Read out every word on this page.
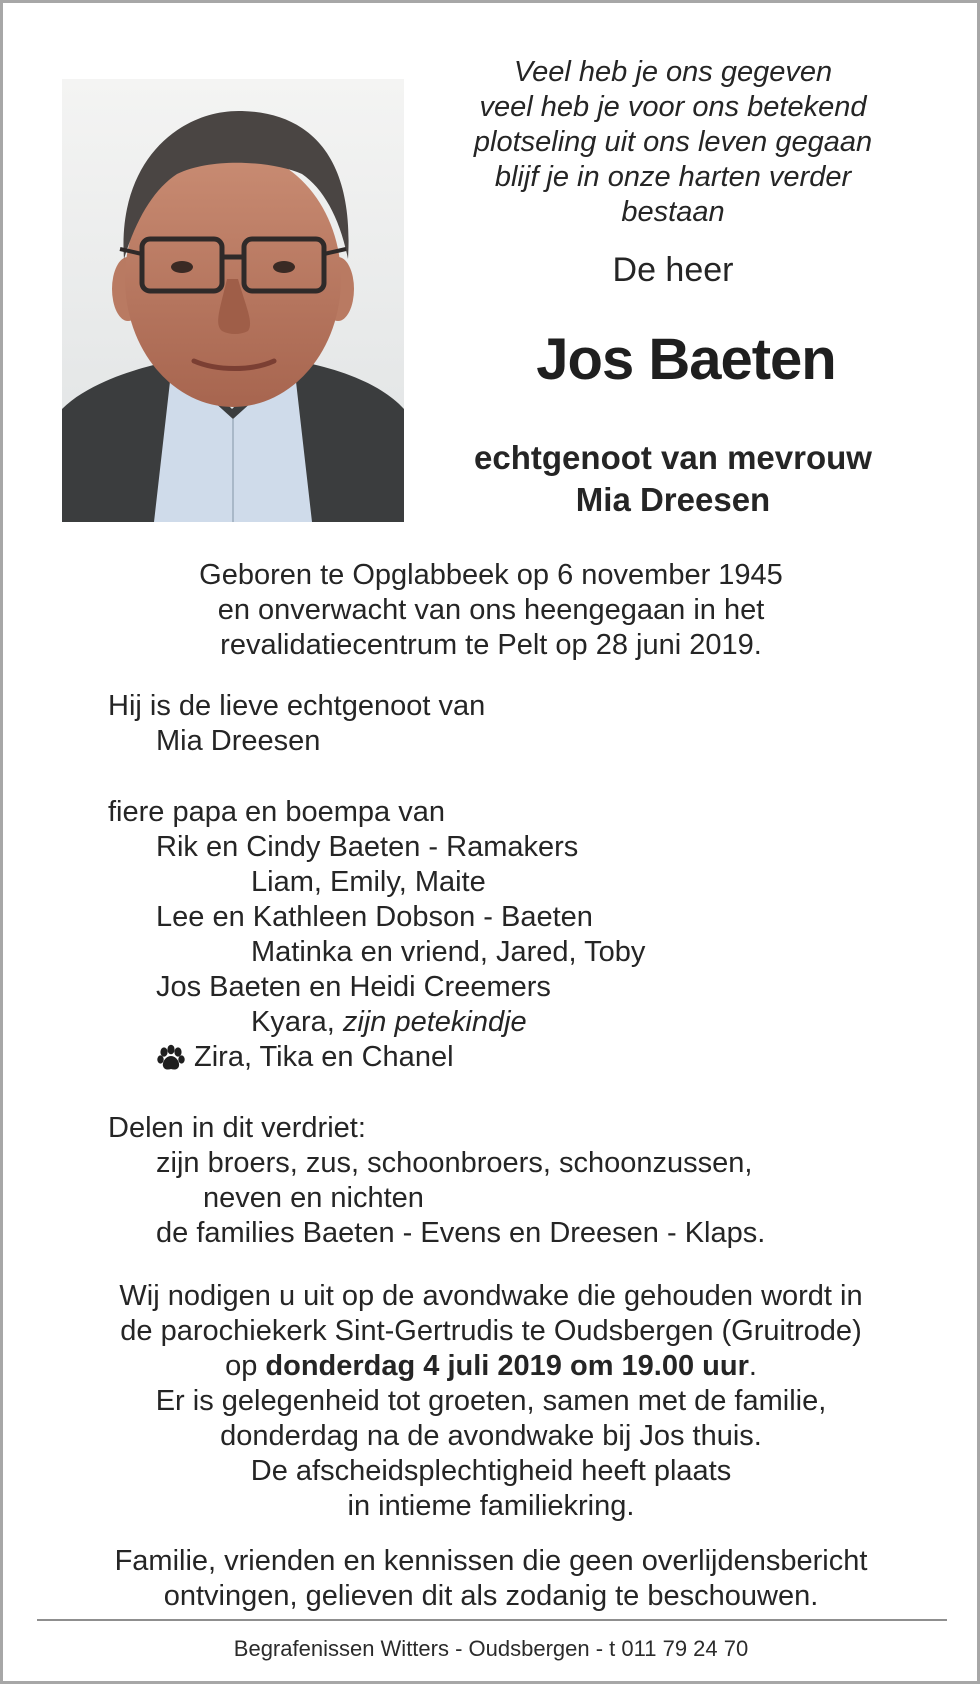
Veel heb je ons gegeven
veel heb je voor ons betekend
plotseling uit ons leven gegaan
blijf je in onze harten verder
bestaan
De heer
Jos Baeten
echtgenoot van mevrouw
Mia Dreesen
Geboren te Opglabbeek op 6 november 1945
en onverwacht van ons heengegaan in het
revalidatiecentrum te Pelt op 28 juni 2019.
Hij is de lieve echtgenoot van
Mia Dreesen
fiere papa en boempa van
Rik en Cindy Baeten - Ramakers
Liam, Emily, Maite
Lee en Kathleen Dobson - Baeten
Matinka en vriend, Jared, Toby
Jos Baeten en Heidi Creemers
Kyara,
zijn petekindje
Zira, Tika en Chanel
Delen in dit verdriet:
zijn broers, zus, schoonbroers, schoonzussen,
neven en nichten
de families Baeten - Evens en Dreesen - Klaps.
Wij nodigen u uit op de avondwake die gehouden wordt in
de parochiekerk Sint-Gertrudis te Oudsbergen (Gruitrode)
op donderdag 4 juli 2019 om 19.00 uur.
Er is gelegenheid tot groeten, samen met de familie,
donderdag na de avondwake bij Jos thuis.
De afscheidsplechtigheid heeft plaats
in intieme familiekring.
Familie, vrienden en kennissen die geen overlijdensbericht
ontvingen, gelieven dit als zodanig te beschouwen.
Begrafenissen Witters - Oudsbergen - t 011 79 24 70
